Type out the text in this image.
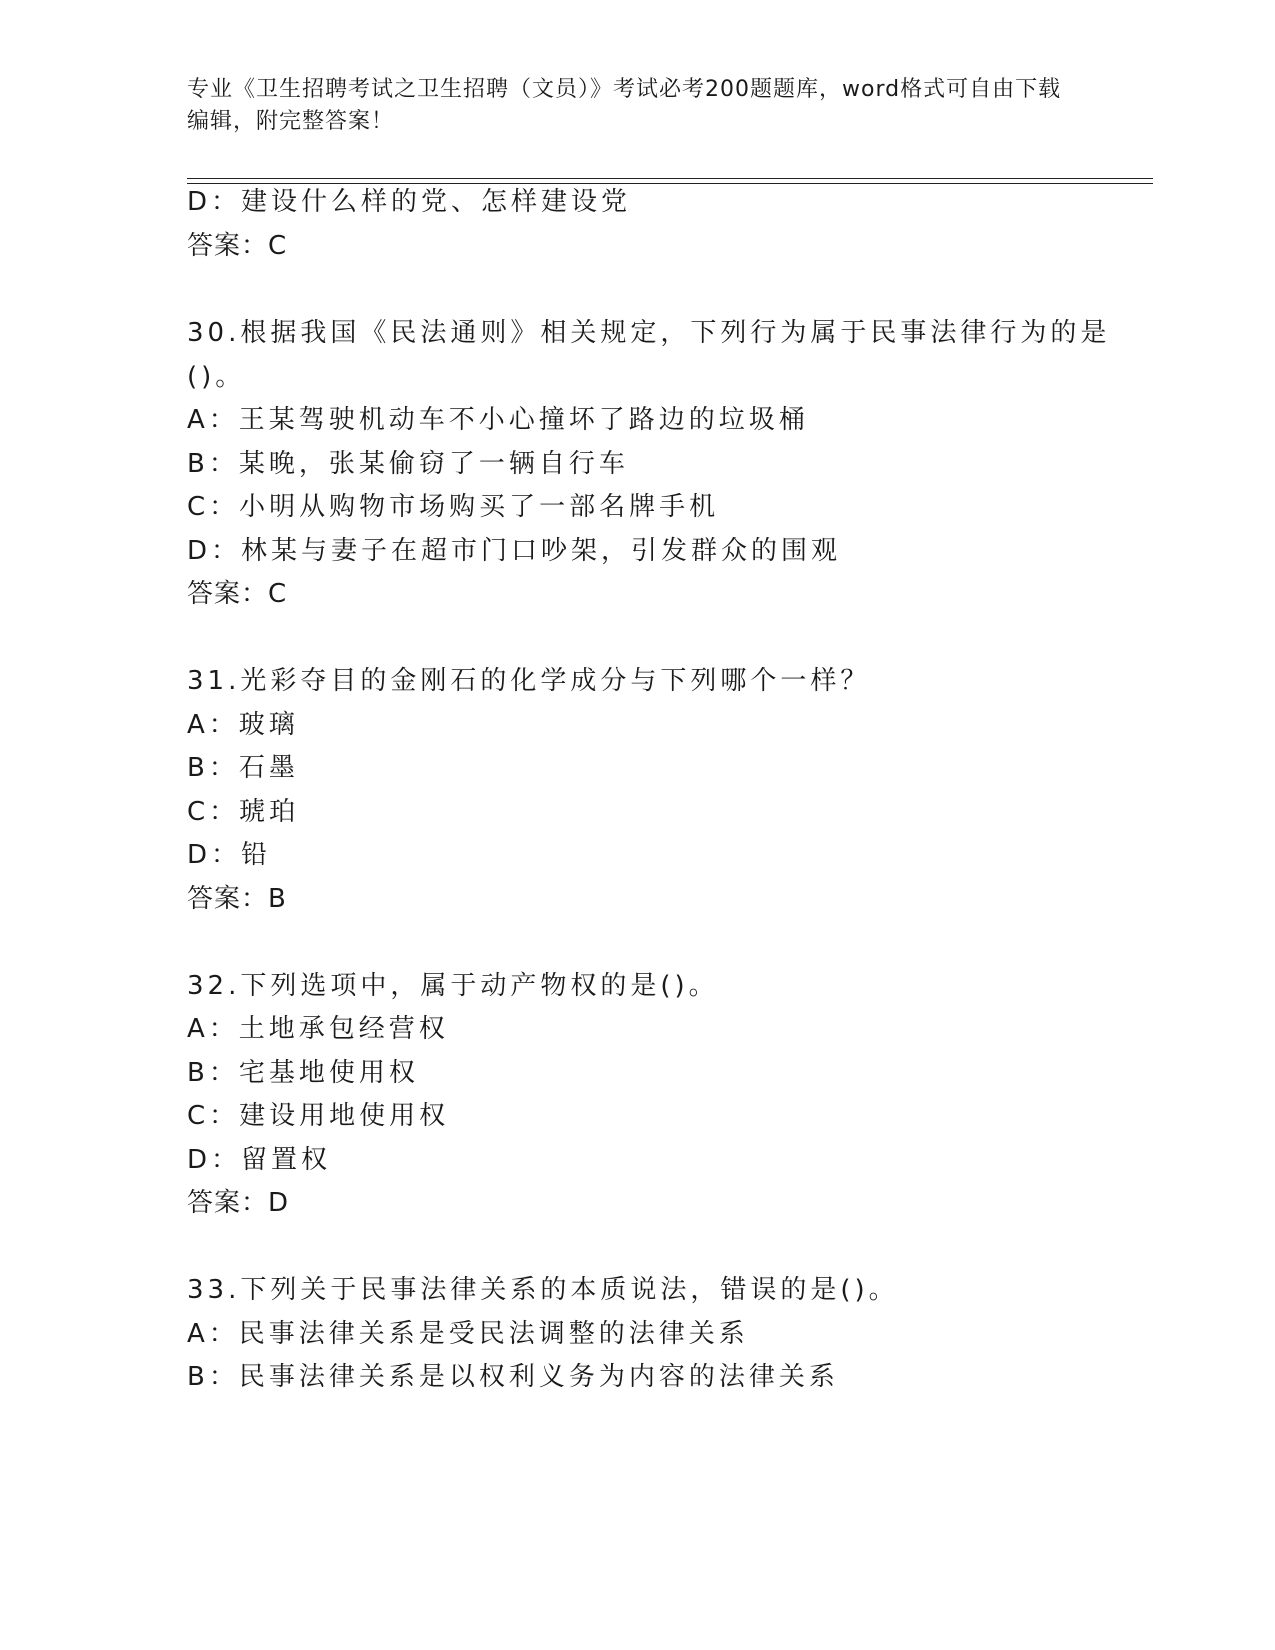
专业《卫生招聘考试之卫生招聘（文员）》考试必考200题题库，word格式可自由下载编辑，附完整答案！
D：建设什么样的党、怎样建设党
答案：C
30.根据我国《民法通则》相关规定，下列行为属于民事法律行为的是
()。
A：王某驾驶机动车不小心撞坏了路边的垃圾桶
B：某晚，张某偷窃了一辆自行车
C：小明从购物市场购买了一部名牌手机
D：林某与妻子在超市门口吵架，引发群众的围观
答案：C
31.光彩夺目的金刚石的化学成分与下列哪个一样？
A：玻璃
B：石墨
C：琥珀
D：铅
答案：B
32.下列选项中，属于动产物权的是()。
A：土地承包经营权
B：宅基地使用权
C：建设用地使用权
D：留置权
答案：D
33.下列关于民事法律关系的本质说法，错误的是()。
A：民事法律关系是受民法调整的法律关系
B：民事法律关系是以权利义务为内容的法律关系
